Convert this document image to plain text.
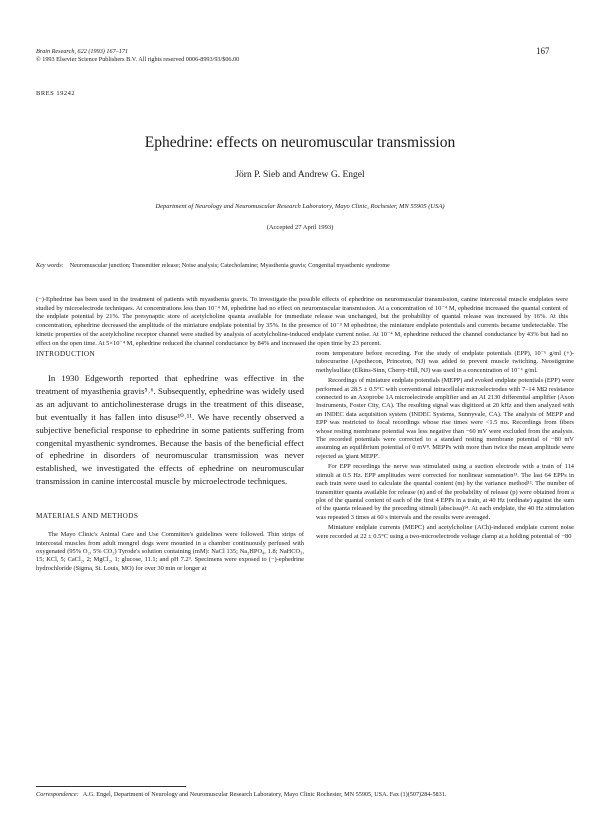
Brain Research, 622 (1993) 167–171
© 1993 Elsevier Science Publishers B.V. All rights reserved 0006-8993/93/$06.00
167
BRES 19242
Ephedrine: effects on neuromuscular transmission
Jörn P. Sieb and Andrew G. Engel
Department of Neurology and Neuromuscular Research Laboratory, Mayo Clinic, Rochester, MN 55905 (USA)
(Accepted 27 April 1993)
Key words: Neuromuscular junction; Transmitter release; Noise analysis; Catecholamine; Myasthenia gravis; Congenital myasthenic syndrome

(−)-Ephedrine has been used in the treatment of patients with myasthenia gravis. To investigate the possible effects of ephedrine on neuromuscular transmission, canine intercostal muscle endplates were studied by microelectrode techniques. At concentrations less than 10⁻⁴ M, ephedrine had no effect on neuromuscular transmission. At a concentration of 10⁻⁴ M, ephedrine increased the quantal content of the endplate potential by 21%. The presynaptic store of acetylcholine quanta available for immediate release was unchanged, but the probability of quantal release was increased by 16%. At this concentration, ephedrine decreased the amplitude of the miniature endplate potential by 35%. In the presence of 10⁻³ M ephedrine, the miniature endplate potentials and currents became undetectable. The kinetic properties of the acetylcholine receptor channel were studied by analysis of acetylcholine-induced endplate current noise. At 10⁻⁴ M, ephedrine reduced the channel conductance by 43% but had no effect on the open time. At 5×10⁻⁴ M, ephedrine reduced the channel conductance by 84% and increased the open time by 23 percent.

INTRODUCTION

In 1930 Edgeworth reported that ephedrine was effective in the treatment of myasthenia gravis⁵˒⁶. Subsequently, ephedrine was widely used as an adjuvant to anticholinesterase drugs in the treatment of this disease, but eventually it has fallen into disuse¹⁰˒¹¹. We have recently observed a subjective beneficial response to ephedrine in some patients suffering from congenital myasthenic syndromes. Because the basis of the beneficial effect of ephedrine in disorders of neuromuscular transmission was never established, we investigated the effects of ephedrine on neuromuscular transmission in canine intercostal muscle by microelectrode techniques.

MATERIALS AND METHODS

The Mayo Clinic's Animal Care and Use Committee's guidelines were followed. Thin strips of intercostal muscles from adult mongrel dogs were mounted in a chamber continuously perfused with oxygenated (95% O₂, 5% CO₂) Tyrode's solution containing (mM): NaCl 135; Na₂HPO₄, 1.8; NaHCO₃, 15; KCl, 5; CaCl₂, 2; MgCl₂, 1; glucose, 11.1; and pH 7.2⁹. Specimens were exposed to (−)-ephedrine hydrochloride (Sigma, St. Louis, MO) for over 30 min or longer at

room temperature before recording. For the study of endplate potentials (EPP), 10⁻⁶ g/ml (+)-tubocurarine (Apothecon, Princeton, NJ) was added to prevent muscle twitching. Neostigmine methylsulfate (Elkins-Sinn, Cherry-Hill, NJ) was used in a concentration of 10⁻⁶ g/ml.

Recordings of miniature endplate potentials (MEPP) and evoked endplate potentials (EPP) were performed at 28.5 ± 0.5°C with conventional intracellular microelectrodes with 7–14 MΩ resistance connected to an Axoprobe 1A microelectrode amplifier and an AI 2130 differential amplifier (Axon Instruments, Foster City, CA). The resulting signal was digitized at 20 kHz and then analyzed with an INDEC data acquisition system (INDEC Systems, Sunnyvale, CA). The analysis of MEPP and EPP was restricted to focal recordings whose rise times were <1.5 ms. Recordings from fibers whose resting membrane potential was less negative than −60 mV were excluded from the analysis. The recorded potentials were corrected to a standard resting membrane potential of −80 mV assuming an equilibrium potential of 0 mV⁸. MEPPs with more than twice the mean amplitude were rejected as 'giant MEPP'.

For EPP recordings the nerve was stimulated using a suction electrode with a train of 114 stimuli at 0.5 Hz. EPP amplitudes were corrected for nonlinear summation¹³. The last 64 EPPs in each train were used to calculate the quantal content (m) by the variance method¹². The number of transmitter quanta available for release (n) and of the probability of release (p) were obtained from a plot of the quantal content of each of the first 4 EPPs in a train, at 40 Hz (ordinate) against the sum of the quanta released by the preceding stimuli (abscissa)¹⁴. At each endplate, the 40 Hz stimulation was repeated 3 times at 60 s intervals and the results were averaged.

Miniature endplate currents (MEPC) and acetylcholine (ACh)-induced endplate current noise were recorded at 22 ± 0.5°C using a two-microelectrode voltage clamp at a holding potential of −80

Correspondence: A.G. Engel, Department of Neurology and Neuromuscular Research Laboratory, Mayo Clinic Rochester, MN 55905, USA. Fax (1)(507)284-5831.
